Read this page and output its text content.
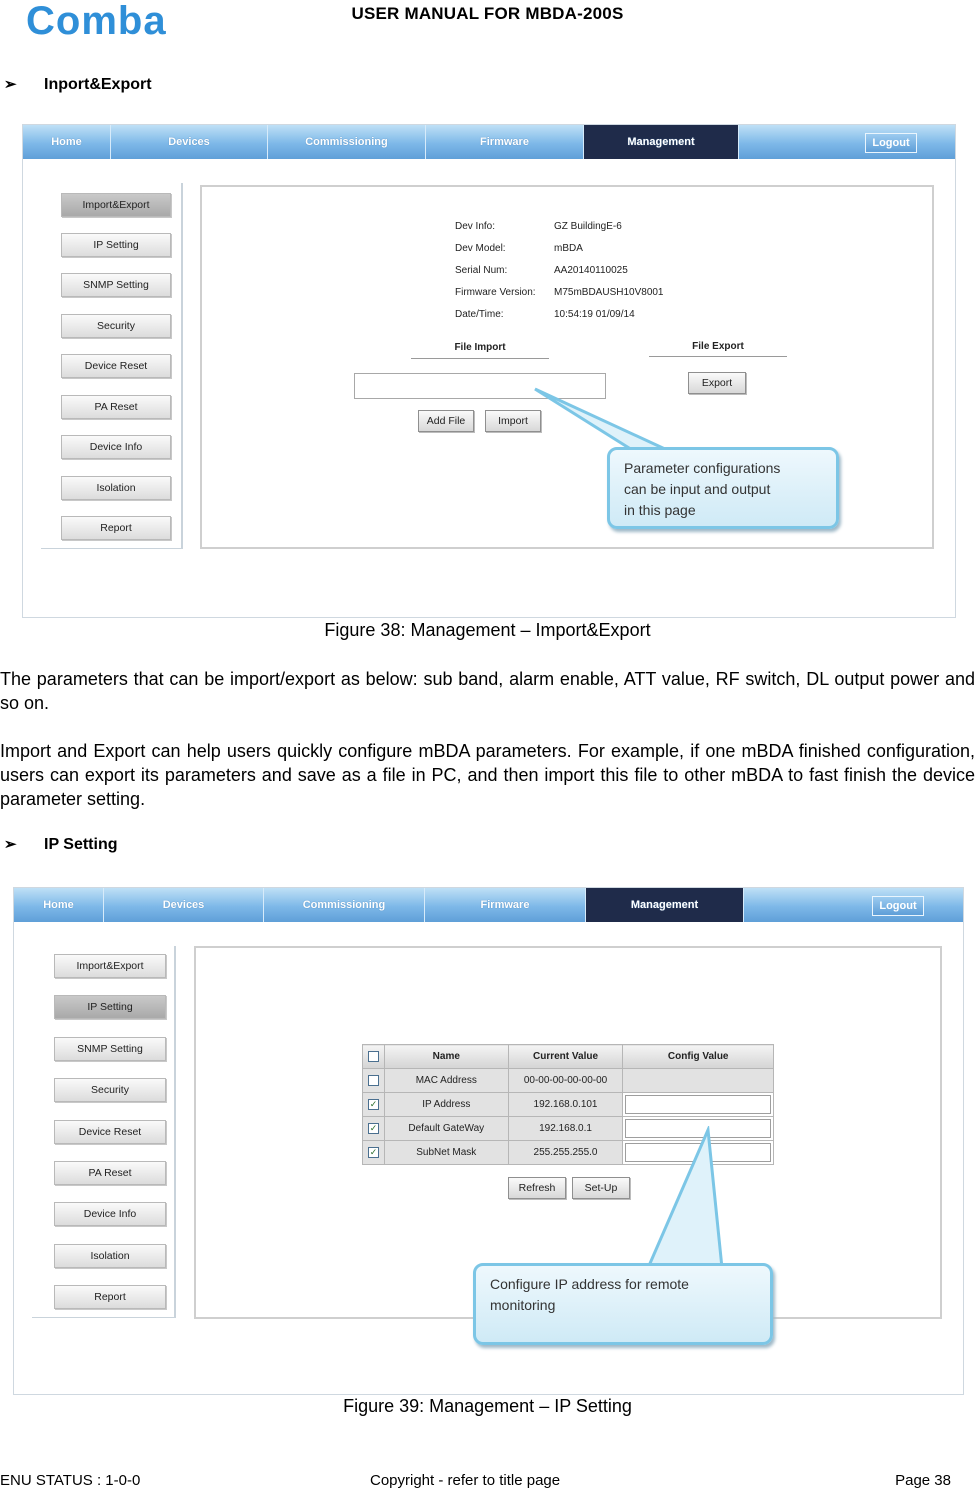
Comba	USER MANUAL FOR MBDA-200S
➢ Inport&Export
Home	Devices	Commissioning	Firmware	Management	Logout
Import&Export
IP Setting
SNMP Setting
Security
Device Reset
PA Reset
Device Info
Isolation
Report
Dev Info:	GZ BuildingE-6
Dev Model:	mBDA
Serial Num:	AA20140110025
Firmware Version: M75mBDAUSH10V8001
Date/Time:	10:54:19 01/09/14
File Import	File Export
Export
Add File	Import
Parameter configurations
can be input and output
in this page
Figure 38: Management – Import&Export
The parameters that can be import/export as below: sub band, alarm enable, ATT value, RF switch, DL output power and so on.
Import and Export can help users quickly configure mBDA parameters. For example, if one mBDA finished configuration, users can export its parameters and save as a file in PC, and then import this file to other mBDA to fast finish the device parameter setting.
➢ IP Setting
Home	Devices	Commissioning	Firmware	Management	Logout
Import&Export
IP Setting
SNMP Setting
Security
Device Reset
PA Reset
Device Info
Isolation
Report
	Name	Current Value	Config Value
	MAC Address	00-00-00-00-00-00	
✓	IP Address	192.168.0.101	

✓	Default GateWay	192.168.0.1	

✓	SubNet Mask	255.255.255.0	
Refresh	Set-Up
Configure IP address for remote
monitoring
Figure 39: Management – IP Setting
ENU STATUS : 1-0-0	Copyright - refer to title page	Page 38
